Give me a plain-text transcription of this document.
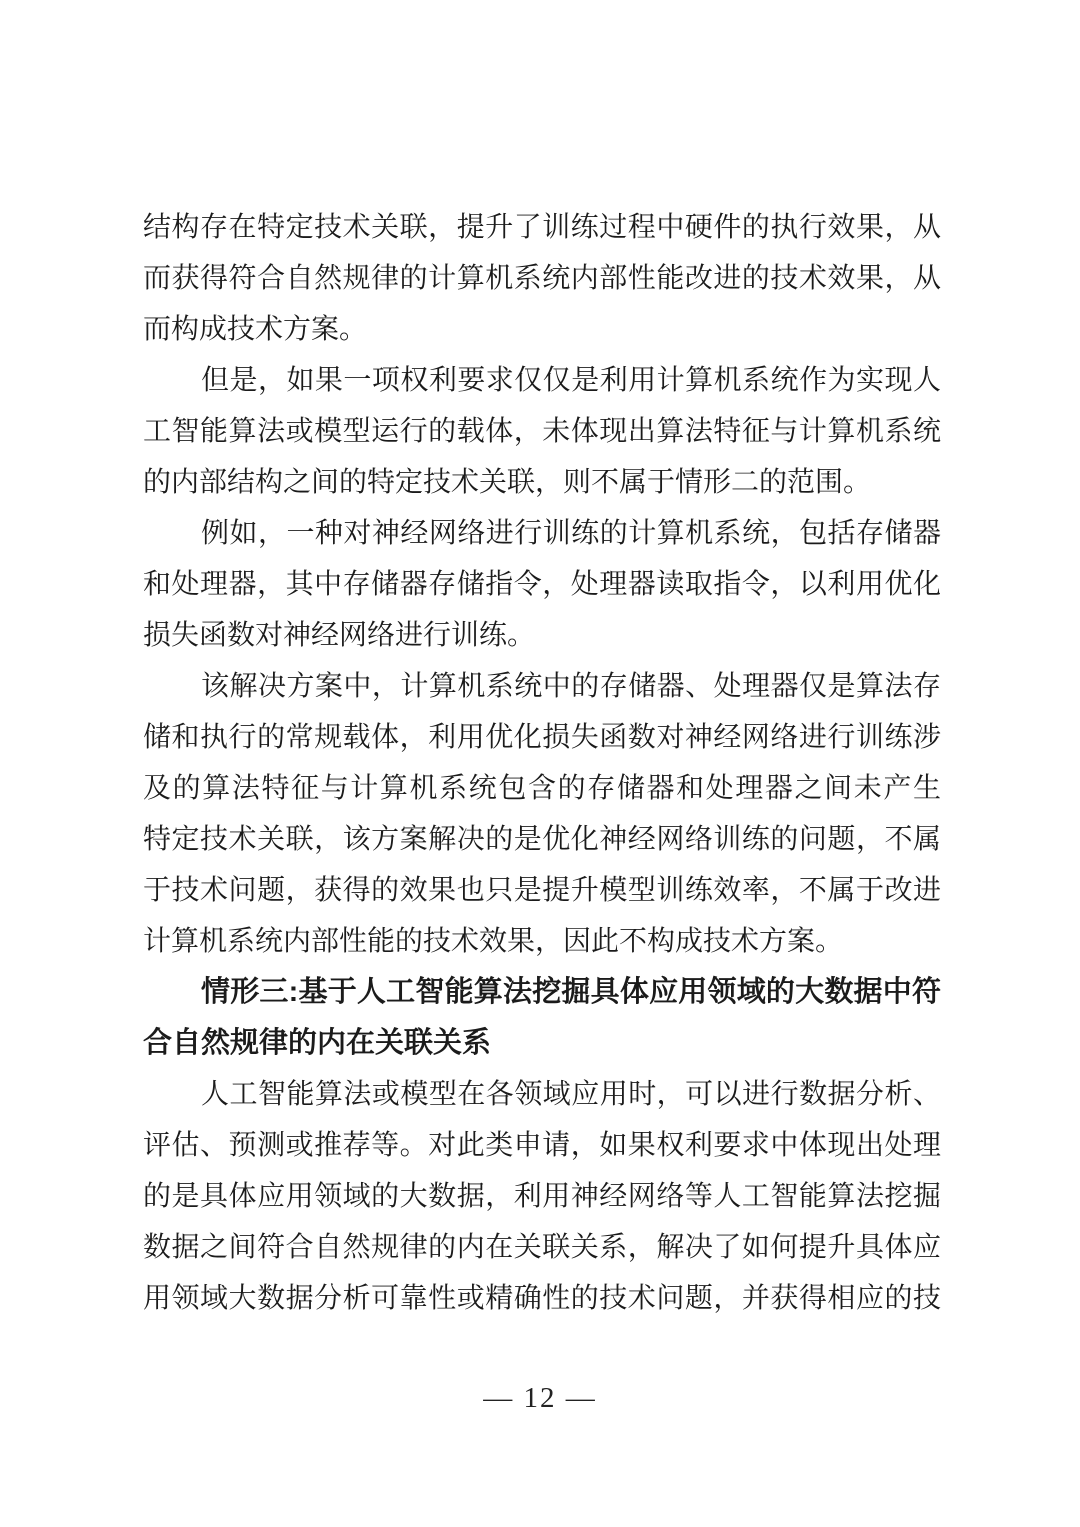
结构存在特定技术关联，提升了训练过程中硬件的执行效果，从
而获得符合自然规律的计算机系统内部性能改进的技术效果，从
而构成技术方案。
但是，如果一项权利要求仅仅是利用计算机系统作为实现人
工智能算法或模型运行的载体，未体现出算法特征与计算机系统
的内部结构之间的特定技术关联，则不属于情形二的范围。
例如，一种对神经网络进行训练的计算机系统，包括存储器
和处理器，其中存储器存储指令，处理器读取指令，以利用优化
损失函数对神经网络进行训练。
该解决方案中，计算机系统中的存储器、处理器仅是算法存
储和执行的常规载体，利用优化损失函数对神经网络进行训练涉
及的算法特征与计算机系统包含的存储器和处理器之间未产生
特定技术关联，该方案解决的是优化神经网络训练的问题，不属
于技术问题，获得的效果也只是提升模型训练效率，不属于改进
计算机系统内部性能的技术效果，因此不构成技术方案。
情形三:基于人工智能算法挖掘具体应用领域的大数据中符
合自然规律的内在关联关系
人工智能算法或模型在各领域应用时，可以进行数据分析、
评估、预测或推荐等。对此类申请，如果权利要求中体现出处理
的是具体应用领域的大数据，利用神经网络等人工智能算法挖掘
数据之间符合自然规律的内在关联关系，解决了如何提升具体应
用领域大数据分析可靠性或精确性的技术问题，并获得相应的技
— 12 —
